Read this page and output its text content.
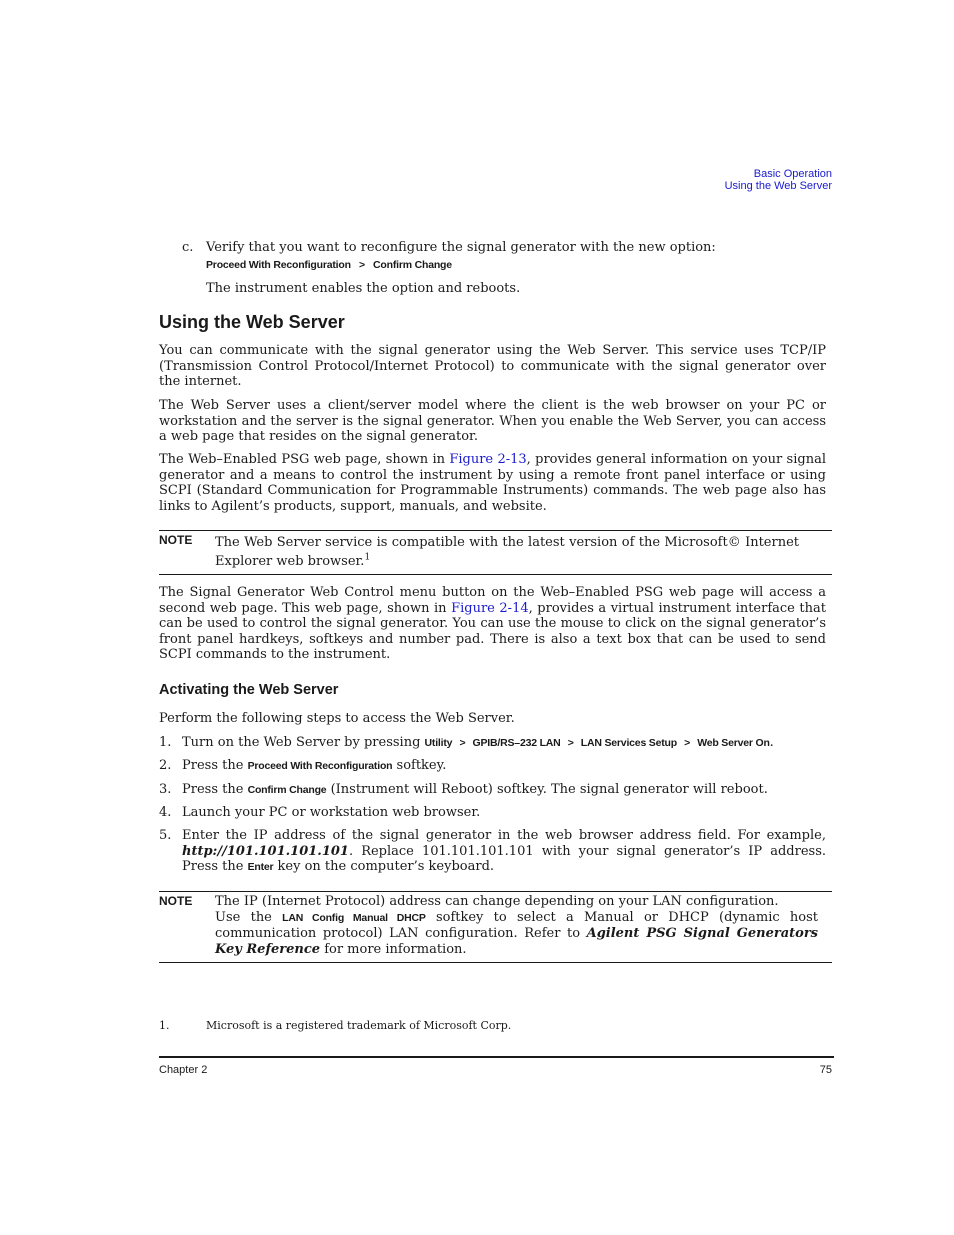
Basic Operation
Using the Web Server
c. Verify that you want to reconfigure the signal generator with the new option:
Proceed With Reconfiguration > Confirm Change
The instrument enables the option and reboots.
Using the Web Server

You can communicate with the signal generator using the Web Server. This service uses TCP/IP (Transmission Control Protocol/Internet Protocol) to communicate with the signal generator over the internet.

The Web Server uses a client/server model where the client is the web browser on your PC or workstation and the server is the signal generator. When you enable the Web Server, you can access a web page that resides on the signal generator.

The Web–Enabled PSG web page, shown in Figure 2-13, provides general information on your signal generator and a means to control the instrument by using a remote front panel interface or using SCPI (Standard Communication for Programmable Instruments) commands. The web page also has links to Agilent’s products, support, manuals, and website.

NOTE The Web Server service is compatible with the latest version of the Microsoft© Internet Explorer web browser.$^1$

The Signal Generator Web Control menu button on the Web–Enabled PSG web page will access a second web page. This web page, shown in Figure 2-14, provides a virtual instrument interface that can be used to control the signal generator. You can use the mouse to click on the signal generator’s front panel hardkeys, softkeys and number pad. There is also a text box that can be used to send SCPI commands to the instrument.

Activating the Web Server

Perform the following steps to access the Web Server.

1. Turn on the Web Server by pressing Utility > GPIB/RS–232 LAN > LAN Services Setup > Web Server On.
2. Press the Proceed With Reconfiguration softkey.
3. Press the Confirm Change (Instrument will Reboot) softkey. The signal generator will reboot.
4. Launch your PC or workstation web browser.
5. Enter the IP address of the signal generator in the web browser address field. For example, http://101.101.101.101. Replace 101.101.101.101 with your signal generator’s IP address. Press the Enter key on the computer’s keyboard.
NOTE The IP (Internet Protocol) address can change depending on your LAN configuration.
Use the LAN Config Manual DHCP softkey to select a Manual or DHCP (dynamic host communication protocol) LAN configuration. Refer to Agilent PSG Signal Generators Key Reference for more information.
1.	Microsoft is a registered trademark of Microsoft Corp.
Chapter 2	75
